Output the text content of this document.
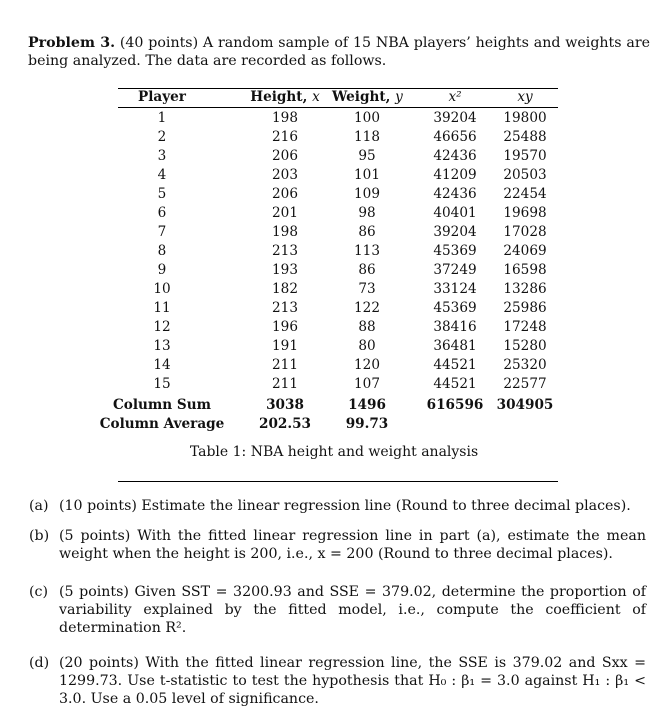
Problem 3. (40 points) A random sample of 15 NBA players’ heights and weights are being analyzed. The data are recorded as follows.
Player	Height, x Weight, y	x²	xy
1	198	100	39204	19800
2	216	118	46656	25488
3	206	95	42436	19570
4	203	101	41209	20503
5	206	109	42436	22454
6	201	98	40401	19698
7	198	86	39204	17028
8	213	113	45369	24069
9	193	86	37249	16598
10	182	73	33124	13286
11	213	122	45369	25986
12	196	88	38416	17248
13	191	80	36481	15280
14	211	120	44521	25320
15	211	107	44521	22577
Column Sum	3038	1496	616596 304905
Column Average	202.53	99.73
Table 1: NBA height and weight analysis
(a) (10 points) Estimate the linear regression line (Round to three decimal places).
(b) (5 points) With the fitted linear regression line in part (a), estimate the mean weight when the height is 200, i.e., x = 200 (Round to three decimal places).
(c) (5 points) Given SST = 3200.93 and SSE = 379.02, determine the proportion of variability explained by the fitted model, i.e., compute the coefficient of determination R².
(d) (20 points) With the fitted linear regression line, the SSE is 379.02 and Sxx = 1299.73. Use t-statistic to test the hypothesis that H₀ : β₁ = 3.0 against H₁ : β₁ < 3.0. Use a 0.05 level of significance.
